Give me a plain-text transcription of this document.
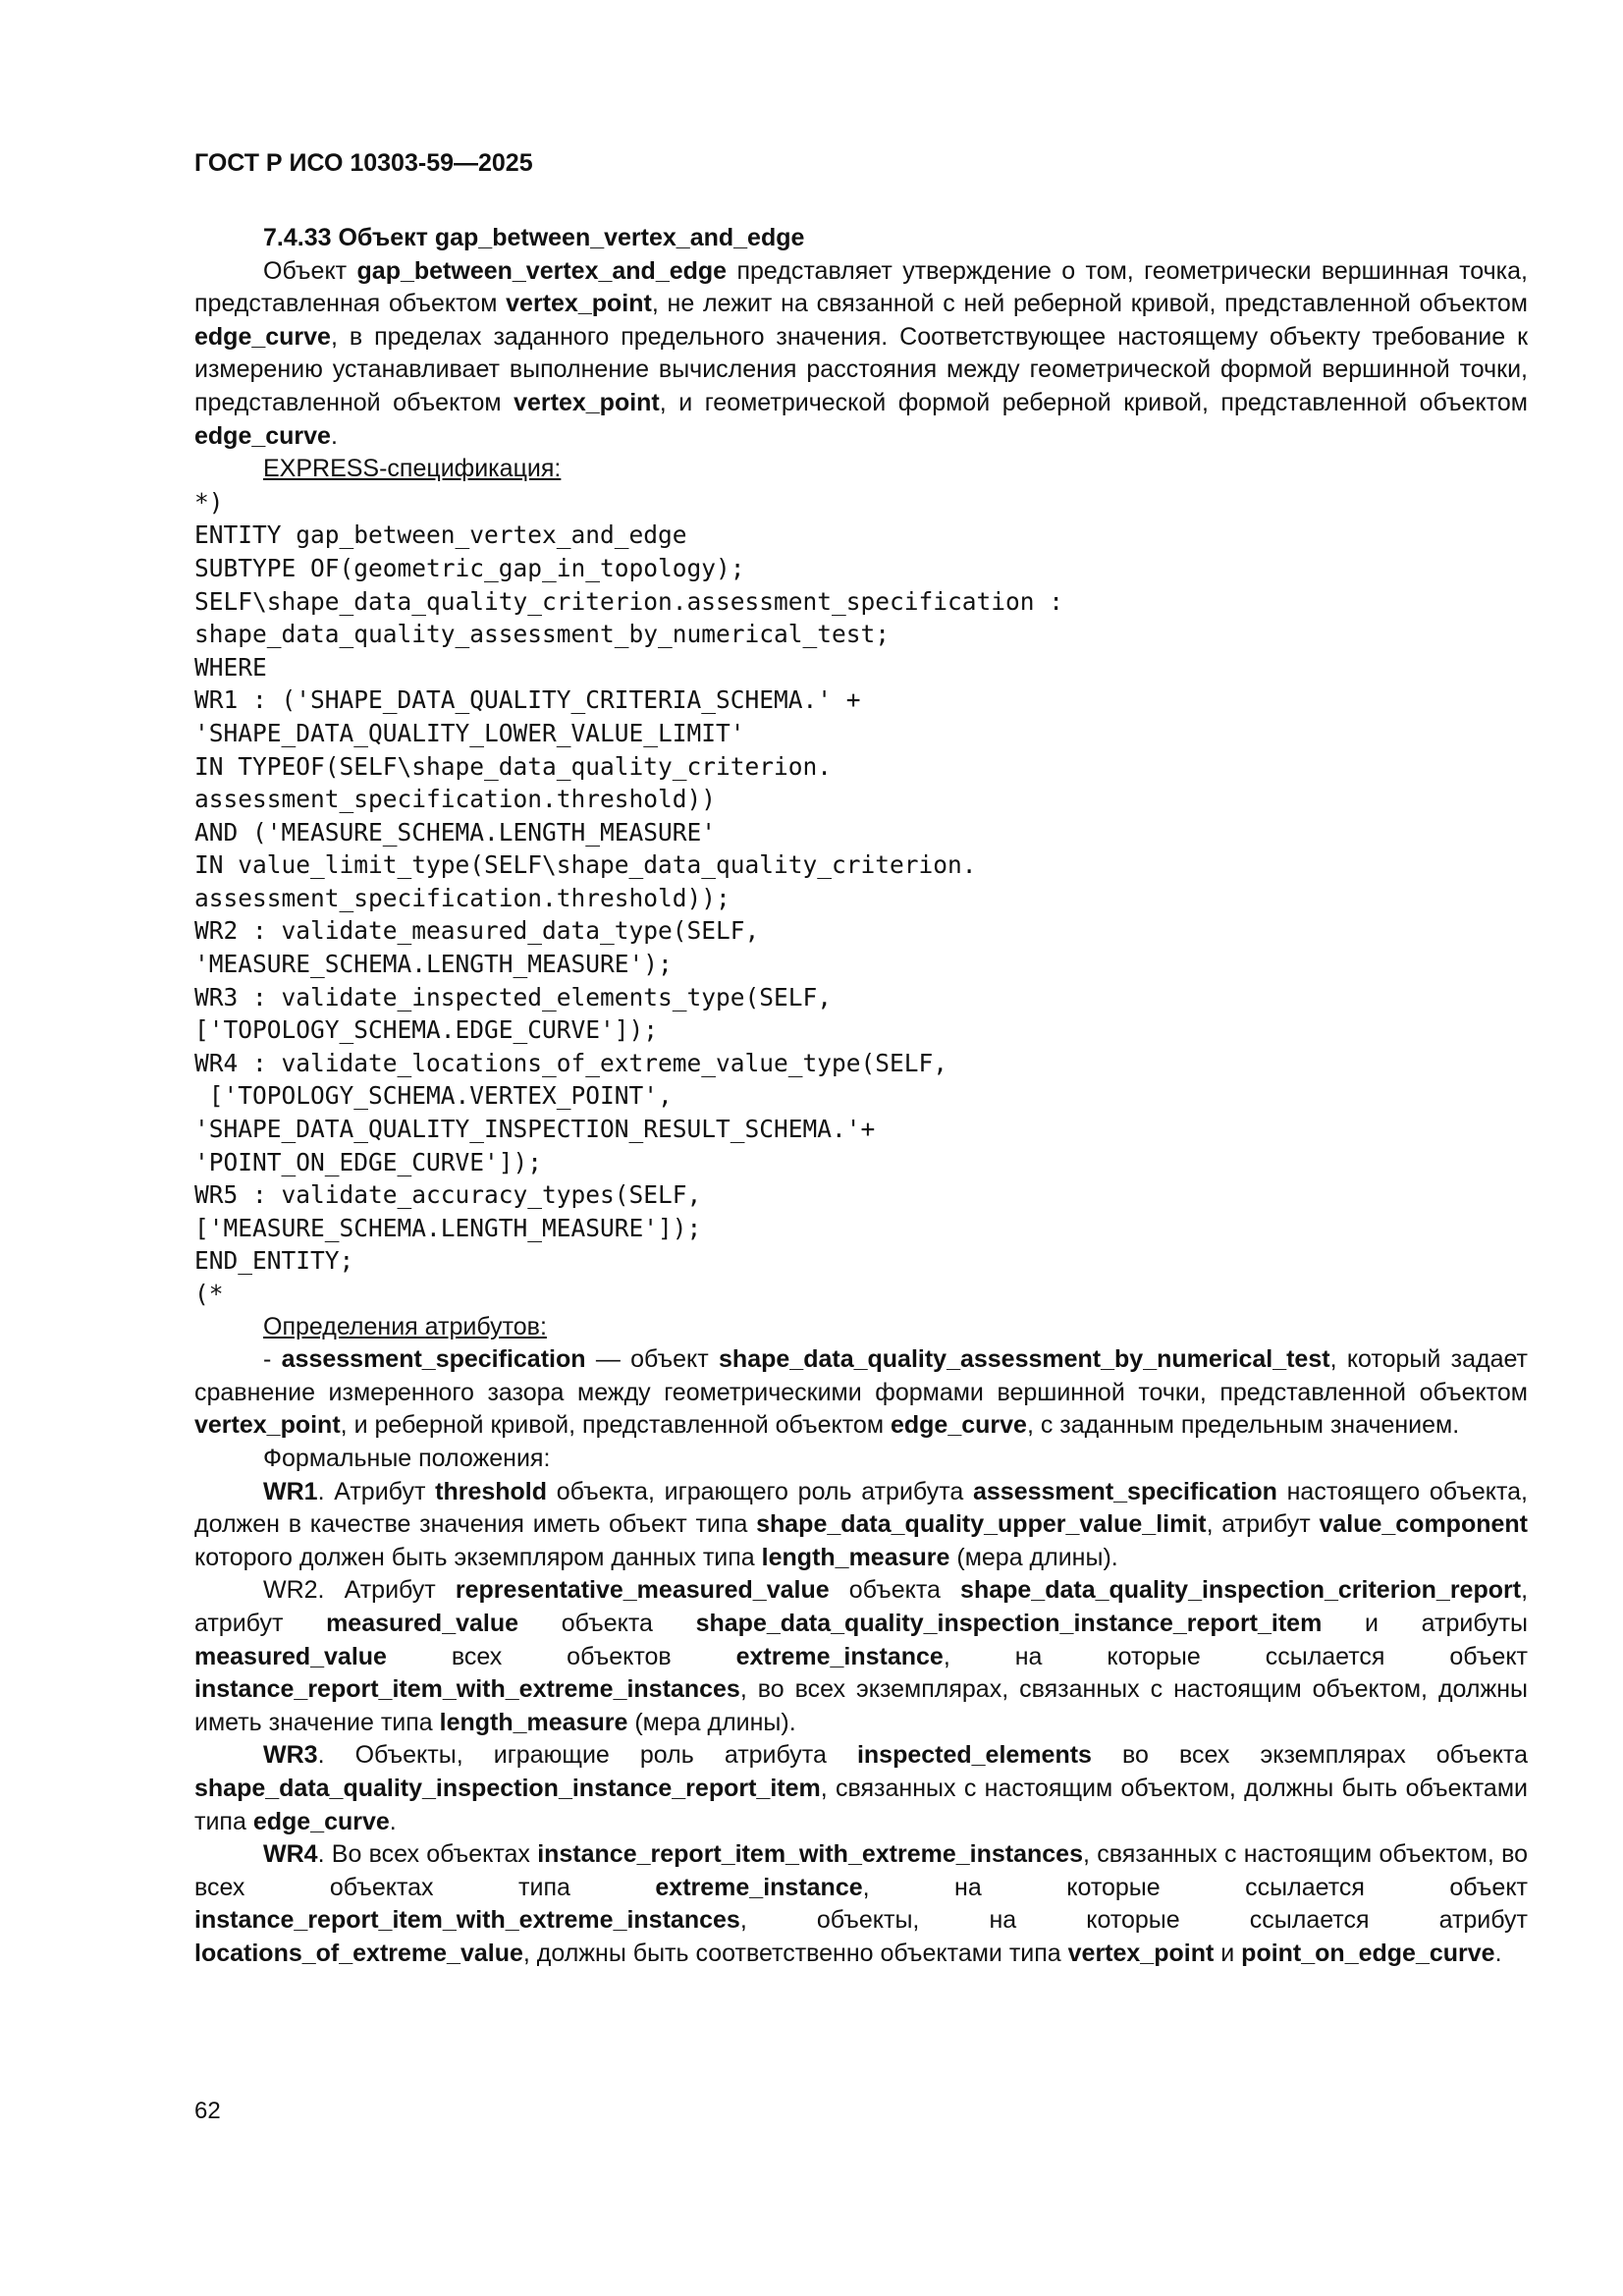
ГОСТ Р ИСО 10303-59—2025
7.4.33 Объект gap_between_vertex_and_edge

Объект gap_between_vertex_and_edge представляет утверждение о том, геометрически вершинная точка, представленная объектом vertex_point, не лежит на связанной с ней реберной кривой, представленной объектом edge_curve, в пределах заданного предельного значения. Соответствующее настоящему объекту требование к измерению устанавливает выполнение вычисления расстояния между геометрической формой вершинной точки, представленной объектом vertex_point, и геометрической формой реберной кривой, представленной объектом edge_curve.

EXPRESS-спецификация:
*)
ENTITY gap_between_vertex_and_edge
SUBTYPE OF(geometric_gap_in_topology);
SELF\shape_data_quality_criterion.assessment_specification :
shape_data_quality_assessment_by_numerical_test;
WHERE
WR1 : ('SHAPE_DATA_QUALITY_CRITERIA_SCHEMA.' +
'SHAPE_DATA_QUALITY_LOWER_VALUE_LIMIT'
IN TYPEOF(SELF\shape_data_quality_criterion.
assessment_specification.threshold))
AND ('MEASURE_SCHEMA.LENGTH_MEASURE'
IN value_limit_type(SELF\shape_data_quality_criterion.
assessment_specification.threshold));
WR2 : validate_measured_data_type(SELF,
'MEASURE_SCHEMA.LENGTH_MEASURE');
WR3 : validate_inspected_elements_type(SELF,
['TOPOLOGY_SCHEMA.EDGE_CURVE']);
WR4 : validate_locations_of_extreme_value_type(SELF,
['TOPOLOGY_SCHEMA.VERTEX_POINT',
'SHAPE_DATA_QUALITY_INSPECTION_RESULT_SCHEMA.'+
'POINT_ON_EDGE_CURVE']);
WR5 : validate_accuracy_types(SELF,
['MEASURE_SCHEMA.LENGTH_MEASURE']);
END_ENTITY;
(*
Определения атрибутов:

- assessment_specification — объект shape_data_quality_assessment_by_numerical_test, который задает сравнение измеренного зазора между геометрическими формами вершинной точки, представленной объектом vertex_point, и реберной кривой, представленной объектом edge_curve, с заданным предельным значением.

Формальные положения:

WR1. Атрибут threshold объекта, играющего роль атрибута assessment_specification настоящего объекта, должен в качестве значения иметь объект типа shape_data_quality_upper_value_limit, атрибут value_component которого должен быть экземпляром данных типа length_measure (мера длины).

WR2. Атрибут representative_measured_value объекта shape_data_quality_inspection_criterion_report, атрибут measured_value объекта shape_data_quality_inspection_instance_report_item и атрибуты measured_value всех объектов extreme_instance, на которые ссылается объект instance_report_item_with_extreme_instances, во всех экземплярах, связанных с настоящим объектом, должны иметь значение типа length_measure (мера длины).

WR3. Объекты, играющие роль атрибута inspected_elements во всех экземплярах объекта shape_data_quality_inspection_instance_report_item, связанных с настоящим объектом, должны быть объектами типа edge_curve.

WR4. Во всех объектах instance_report_item_with_extreme_instances, связанных с настоящим объектом, во всех объектах типа extreme_instance, на которые ссылается объект instance_report_item_with_extreme_instances, объекты, на которые ссылается атрибут locations_of_extreme_value, должны быть соответственно объектами типа vertex_point и point_on_edge_curve.

62
